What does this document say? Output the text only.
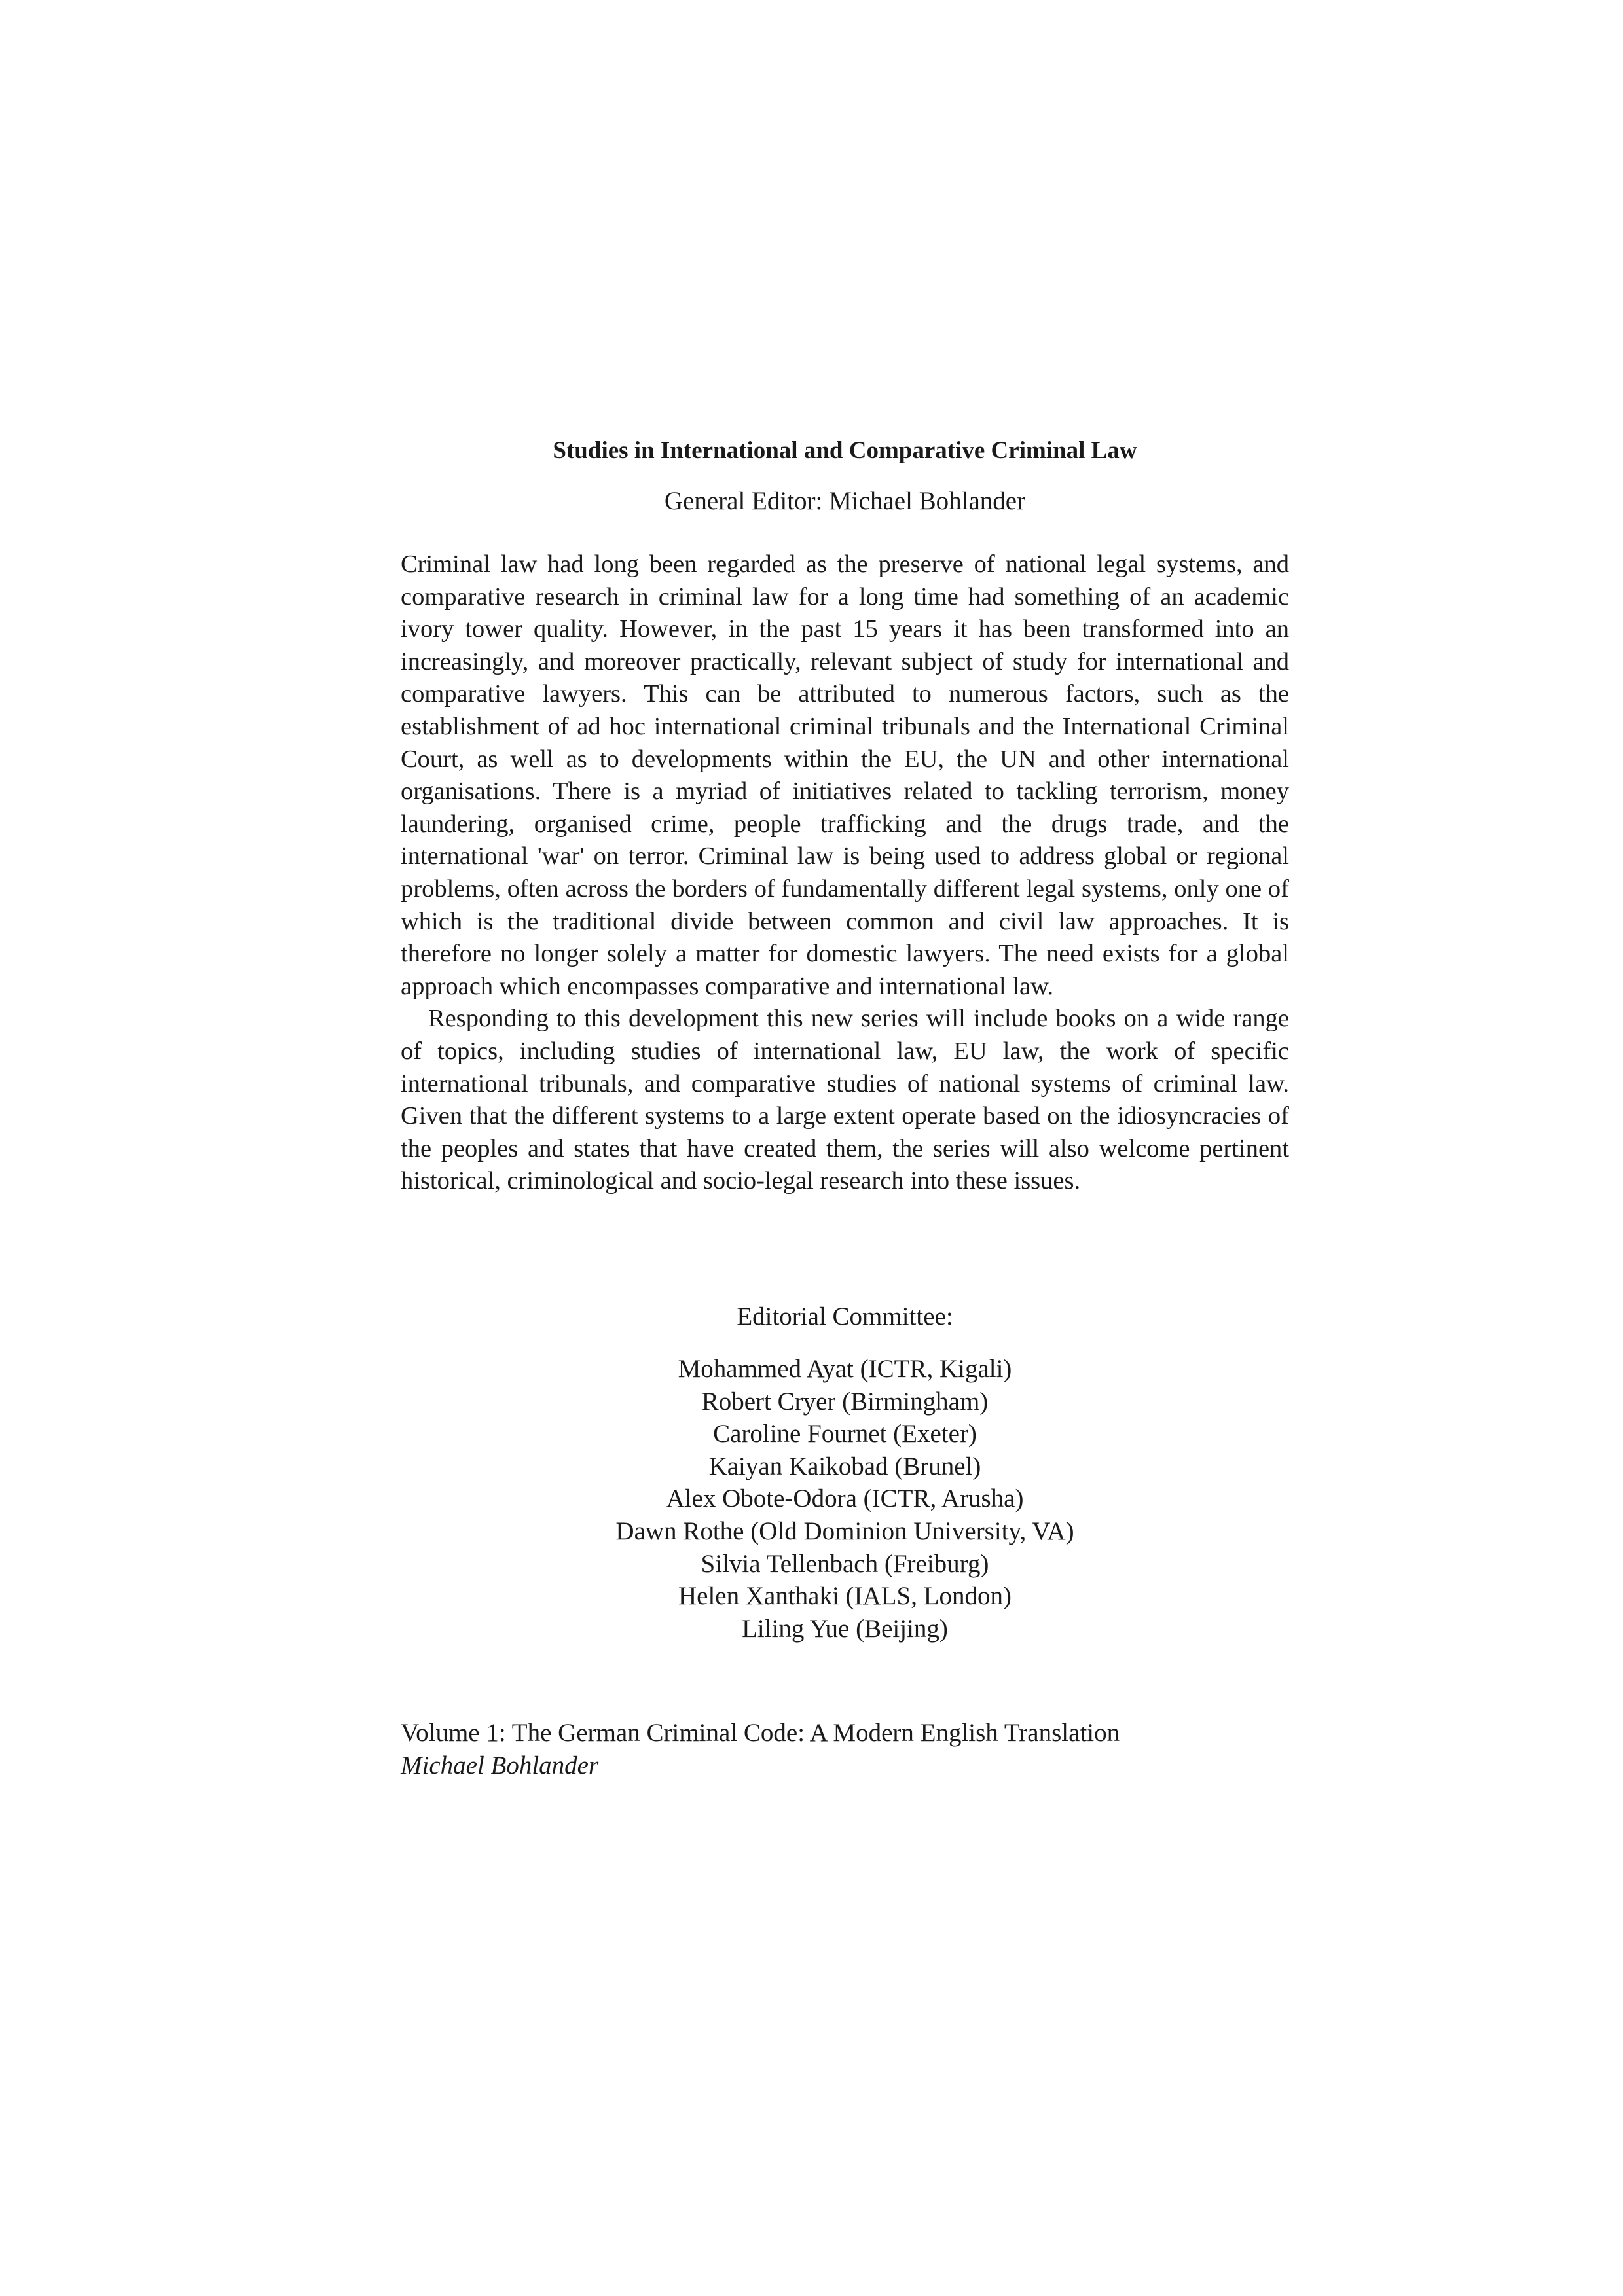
Studies in International and Comparative Criminal Law
General Editor: Michael Bohlander

Criminal law had long been regarded as the preserve of national legal systems, and comparative research in criminal law for a long time had something of an academic ivory tower quality. However, in the past 15 years it has been transformed into an increasingly, and moreover practically, relevant subject of study for international and comparative lawyers. This can be attributed to numerous factors, such as the establishment of ad hoc international criminal tribunals and the International Criminal Court, as well as to developments within the EU, the UN and other international organisations. There is a myriad of initiatives related to tackling terrorism, money laundering, organised crime, people trafficking and the drugs trade, and the international 'war' on terror. Criminal law is being used to address global or regional problems, often across the borders of fundamentally different legal systems, only one of which is the traditional divide between common and civil law approaches. It is therefore no longer solely a matter for domestic lawyers. The need exists for a global approach which encompasses comparative and international law.

Responding to this development this new series will include books on a wide range of topics, including studies of international law, EU law, the work of specific international tribunals, and comparative studies of national systems of criminal law. Given that the different systems to a large extent operate based on the idiosyncracies of the peoples and states that have created them, the series will also welcome pertinent historical, criminological and socio-legal research into these issues.

Editorial Committee:
Mohammed Ayat (ICTR, Kigali)
Robert Cryer (Birmingham)
Caroline Fournet (Exeter)
Kaiyan Kaikobad (Brunel)
Alex Obote-Odora (ICTR, Arusha)
Dawn Rothe (Old Dominion University, VA)
Silvia Tellenbach (Freiburg)
Helen Xanthaki (IALS, London)
Liling Yue (Beijing)
Volume 1: The German Criminal Code: A Modern English Translation
Michael Bohlander
